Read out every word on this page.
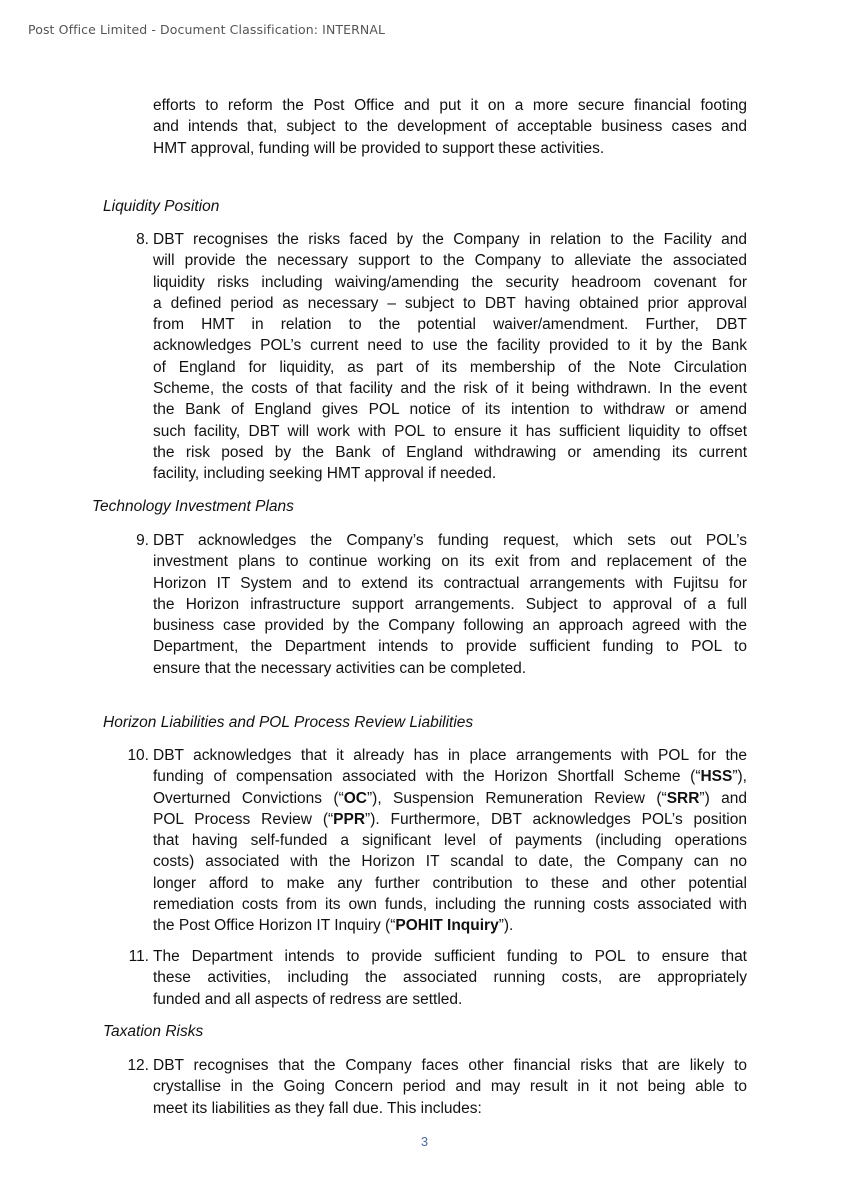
Post Office Limited - Document Classification: INTERNAL
efforts to reform the Post Office and put it on a more secure financial footing
and intends that, subject to the development of acceptable business cases and
HMT approval, funding will be provided to support these activities.
Liquidity Position
8. DBT recognises the risks faced by the Company in relation to the Facility and
will provide the necessary support to the Company to alleviate the associated
liquidity risks including waiving/amending the security headroom covenant for
a defined period as necessary – subject to DBT having obtained prior approval
from HMT in relation to the potential waiver/amendment. Further, DBT
acknowledges POL’s current need to use the facility provided to it by the Bank
of England for liquidity, as part of its membership of the Note Circulation
Scheme, the costs of that facility and the risk of it being withdrawn. In the event
the Bank of England gives POL notice of its intention to withdraw or amend
such facility, DBT will work with POL to ensure it has sufficient liquidity to offset
the risk posed by the Bank of England withdrawing or amending its current
facility, including seeking HMT approval if needed.
Technology Investment Plans
9. DBT acknowledges the Company’s funding request, which sets out POL’s
investment plans to continue working on its exit from and replacement of the
Horizon IT System and to extend its contractual arrangements with Fujitsu for
the Horizon infrastructure support arrangements. Subject to approval of a full
business case provided by the Company following an approach agreed with the
Department, the Department intends to provide sufficient funding to POL to
ensure that the necessary activities can be completed.
Horizon Liabilities and POL Process Review Liabilities
10. DBT acknowledges that it already has in place arrangements with POL for the
funding of compensation associated with the Horizon Shortfall Scheme (“HSS”),
Overturned Convictions (“OC”), Suspension Remuneration Review (“SRR”) and
POL Process Review (“PPR”). Furthermore, DBT acknowledges POL’s position
that having self-funded a significant level of payments (including operations
costs) associated with the Horizon IT scandal to date, the Company can no
longer afford to make any further contribution to these and other potential
remediation costs from its own funds, including the running costs associated with
the Post Office Horizon IT Inquiry (“POHIT Inquiry”).
11. The Department intends to provide sufficient funding to POL to ensure that
these activities, including the associated running costs, are appropriately
funded and all aspects of redress are settled.
Taxation Risks
12. DBT recognises that the Company faces other financial risks that are likely to
crystallise in the Going Concern period and may result in it not being able to
meet its liabilities as they fall due. This includes:
3
